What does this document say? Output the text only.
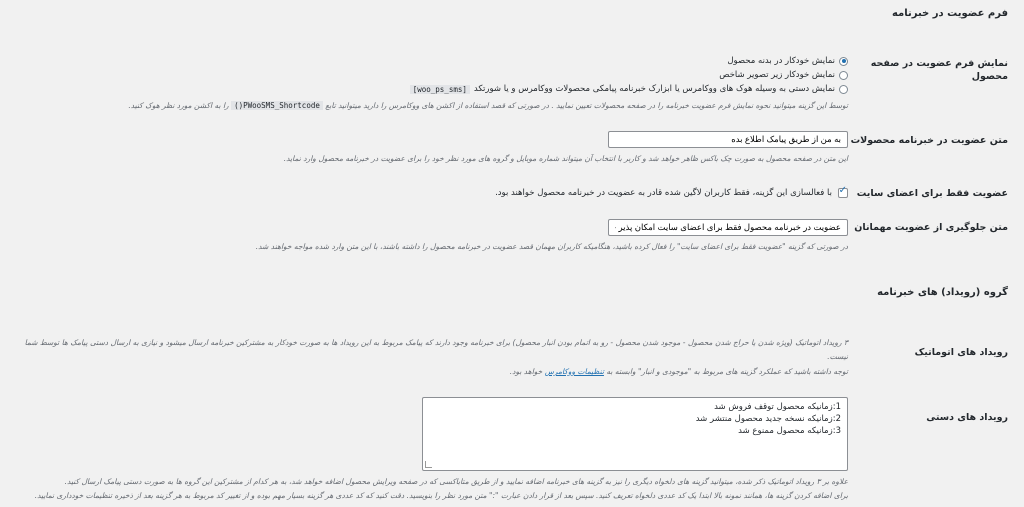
فرم عضویت در خبرنامه
نمایش فرم عضویت در صفحه محصول
نمایش خودکار در بدنه محصول
نمایش خودکار زیر تصویر شاخص
نمایش دستی به وسیله هوک های ووکامرس یا ابزارک خبرنامه پیامکی محصولات ووکامرس و یا شورتکد
[woo_ps_sms]
توسط این گزینه میتوانید نحوه نمایش فرم عضویت خبرنامه را در صفحه محصولات تعیین نمایید . در صورتی که قصد استفاده از اکشن های ووکامرس را دارید میتوانید تابع PWooSMS_Shortcode() را به اکشن مورد نظر هوک کنید.
متن عضویت در خبرنامه محصولات
به من از طریق پیامک اطلاع بده
این متن در صفحه محصول به صورت چک باکس ظاهر خواهد شد و کاربر با انتخاب آن میتواند شماره موبایل و گروه های مورد نظر خود را برای عضویت در خبرنامه محصول وارد نماید.
عضویت فقط برای اعضای سایت
✓
با فعالسازی این گزینه، فقط کاربران لاگین شده قادر به عضویت در خبرنامه محصول خواهند بود.
متن جلوگیری از عضویت مهمانان
عضویت در خبرنامه محصول فقط برای اعضای سایت امکان پذیر خواهد بود.
در صورتی که گزینه "عضویت فقط برای اعضای سایت" را فعال کرده باشید، هنگامیکه کاربران مهمان قصد عضویت در خبرنامه محصول را داشته باشند، با این متن وارد شده مواجه خواهند شد.
گروه (رویداد) های خبرنامه
رویداد های اتوماتیک
۳ رویداد اتوماتیک (ویژه شدن یا حراج شدن محصول - موجود شدن محصول - رو به اتمام بودن انبار محصول) برای خبرنامه وجود دارند که پیامک مربوط به این رویداد ها به صورت خودکار به مشترکین خبرنامه ارسال میشود و نیازی به ارسال دستی پیامک ها توسط شما
نیست.
توجه داشته باشید که عملکرد گزینه های مربوط به "موجودی و انبار" وابسته به تنظیمات ووکامرس خواهد بود.
رویداد های دستی
1:زمانیکه محصول توقف فروش شد
2:زمانیکه نسخه جدید محصول منتشر شد
3:زمانیکه محصول ممنوع شد
علاوه بر ۳ رویداد اتوماتیک ذکر شده، میتوانید گزینه های دلخواه دیگری را نیز به گزینه های خبرنامه اضافه نمایید و از طریق متاباکسی که در صفحه ویرایش محصول اضافه خواهد شد، به هر کدام از مشترکین این گروه ها به صورت دستی پیامک ارسال کنید.
برای اضافه کردن گزینه ها، همانند نمونه بالا ابتدا یک کد عددی دلخواه تعریف کنید. سپس بعد از قرار دادن عبارت ":" متن مورد نظر را بنویسید. دقت کنید که کد عددی هر گزینه بسیار مهم بوده و از تغییر کد مربوط به هر گزینه بعد از ذخیره تنظیمات خودداری نمایید.
